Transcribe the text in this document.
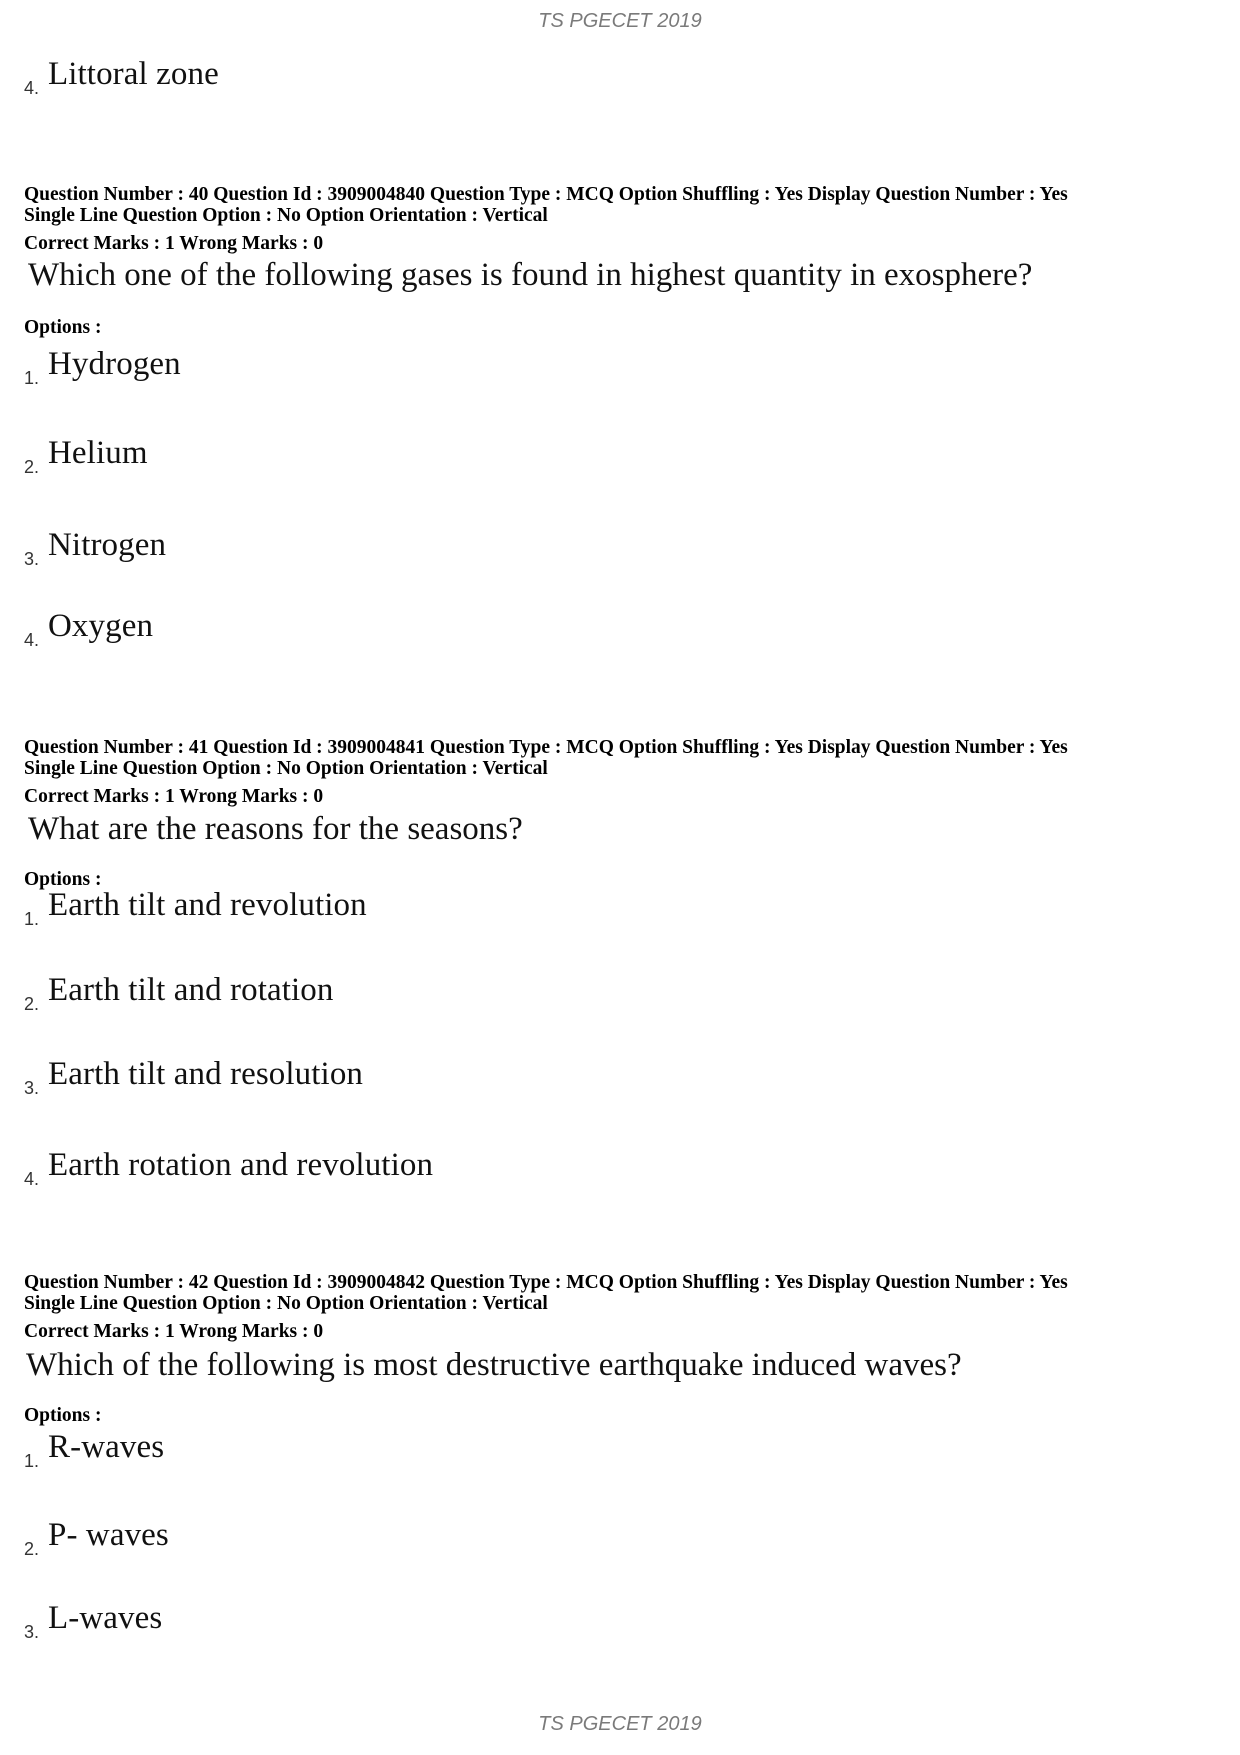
TS PGECET 2019
4. Littoral zone
Question Number : 40 Question Id : 3909004840 Question Type : MCQ Option Shuffling : Yes Display Question Number : Yes
Single Line Question Option : No Option Orientation : Vertical
Correct Marks : 1 Wrong Marks : 0
Which one of the following gases is found in highest quantity in exosphere?
Options :
1. Hydrogen
2. Helium
3. Nitrogen
4. Oxygen
Question Number : 41 Question Id : 3909004841 Question Type : MCQ Option Shuffling : Yes Display Question Number : Yes
Single Line Question Option : No Option Orientation : Vertical
Correct Marks : 1 Wrong Marks : 0
What are the reasons for the seasons?
Options :
1. Earth tilt and revolution
2. Earth tilt and rotation
3. Earth tilt and resolution
4. Earth rotation and revolution
Question Number : 42 Question Id : 3909004842 Question Type : MCQ Option Shuffling : Yes Display Question Number : Yes
Single Line Question Option : No Option Orientation : Vertical
Correct Marks : 1 Wrong Marks : 0
Which of the following is most destructive earthquake induced waves?
Options :
1. R-waves
2. P- waves
3. L-waves
TS PGECET 2019
